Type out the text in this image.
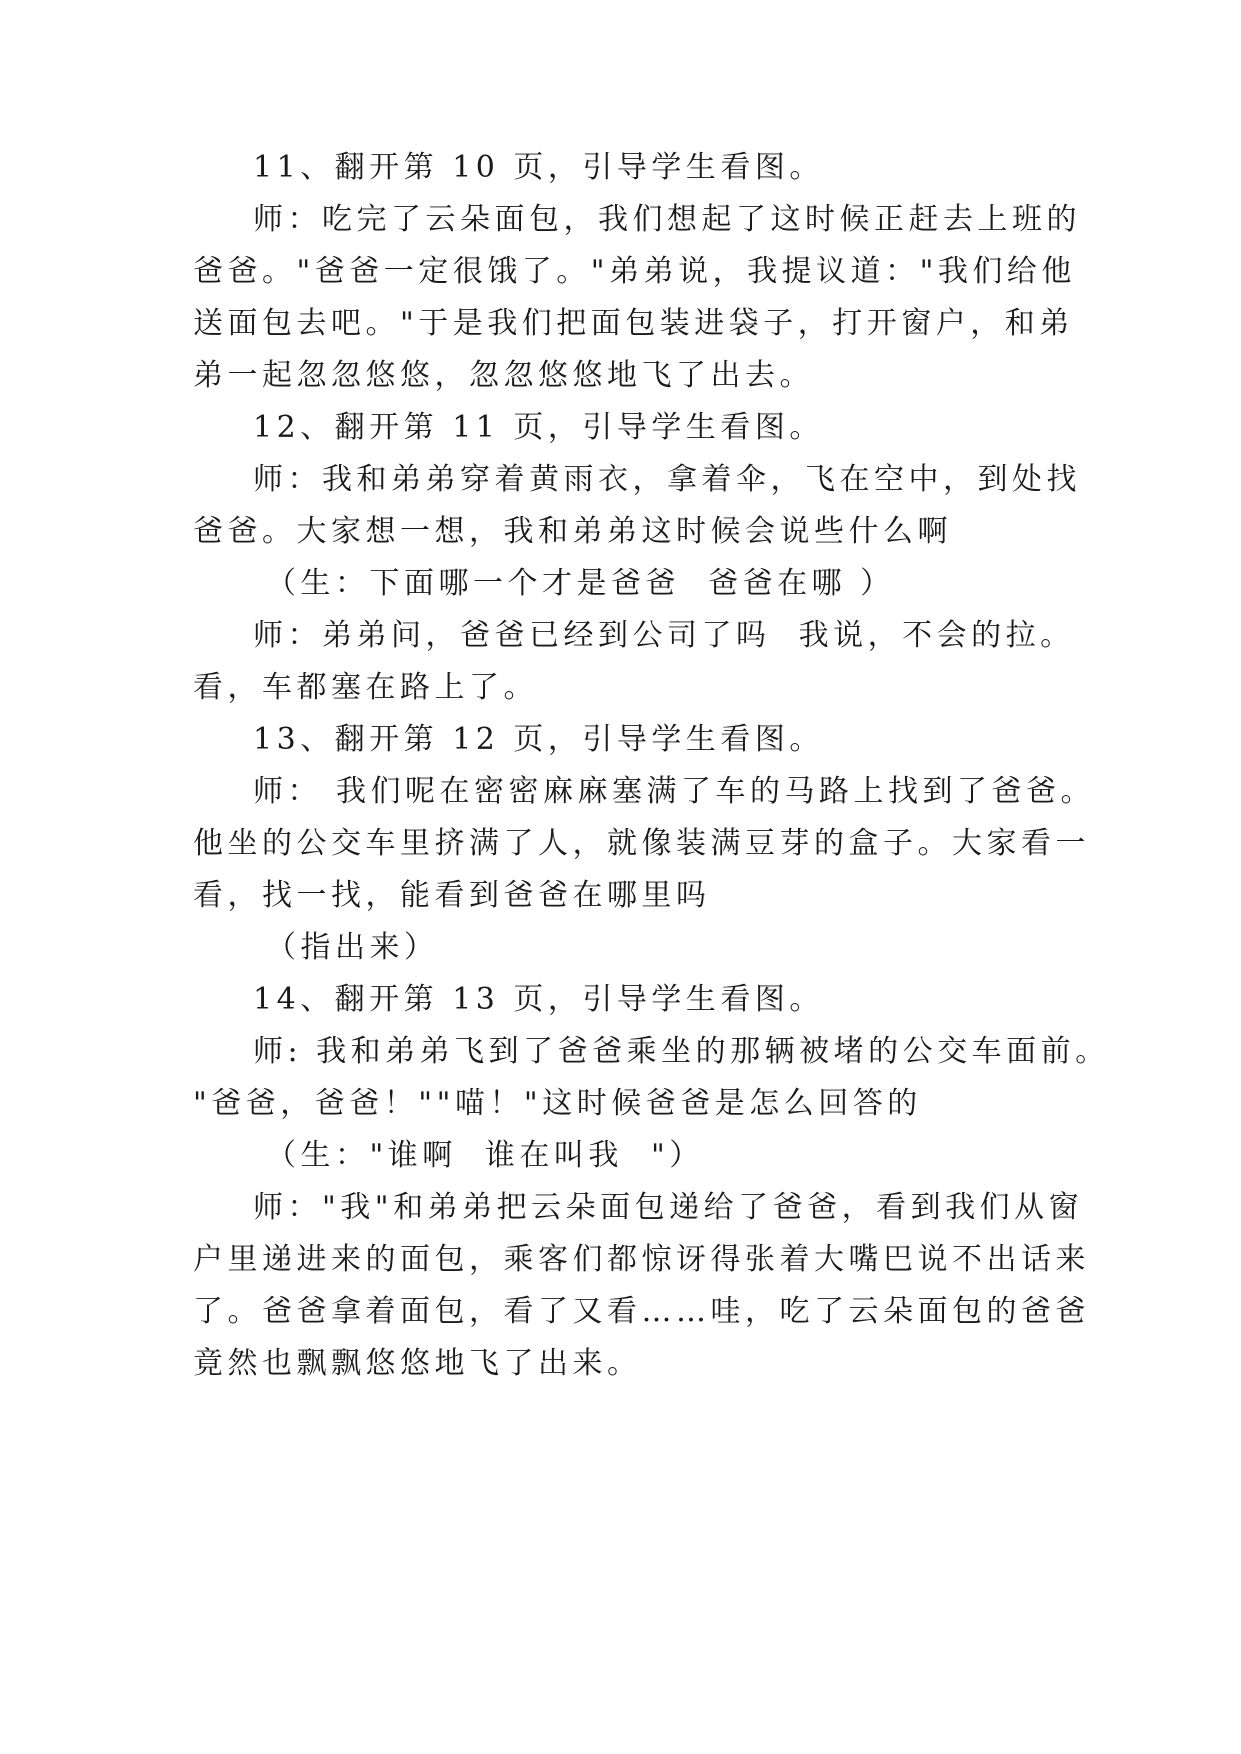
11、翻开第 10 页，引导学生看图。
师：吃完了云朵面包，我们想起了这时候正赶去上班的
爸爸。"爸爸一定很饿了。"弟弟说，我提议道："我们给他
送面包去吧。"于是我们把面包装进袋子，打开窗户，和弟
弟一起忽忽悠悠，忽忽悠悠地飞了出去。
12、翻开第 11 页，引导学生看图。
师：我和弟弟穿着黄雨衣，拿着伞，飞在空中，到处找
爸爸。大家想一想，我和弟弟这时候会说些什么啊
（生：下面哪一个才是爸爸  爸爸在哪 ）
师：弟弟问，爸爸已经到公司了吗  我说，不会的拉。
看，车都塞在路上了。
13、翻开第 12 页，引导学生看图。
师： 我们呢在密密麻麻塞满了车的马路上找到了爸爸。
他坐的公交车里挤满了人，就像装满豆芽的盒子。大家看一
看，找一找，能看到爸爸在哪里吗
（指出来）
14、翻开第 13 页，引导学生看图。
师: 我和弟弟飞到了爸爸乘坐的那辆被堵的公交车面前。
"爸爸，爸爸！""喵！"这时候爸爸是怎么回答的
（生："谁啊  谁在叫我  "）
师："我"和弟弟把云朵面包递给了爸爸，看到我们从窗
户里递进来的面包，乘客们都惊讶得张着大嘴巴说不出话来
了。爸爸拿着面包，看了又看……哇，吃了云朵面包的爸爸
竟然也飘飘悠悠地飞了出来。
